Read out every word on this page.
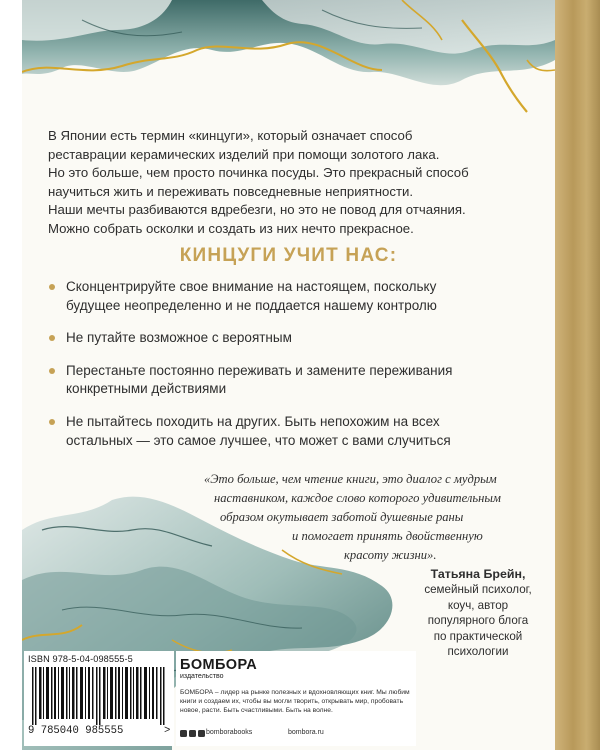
В Японии есть термин «кинцуги», который означает способ

реставрации керамических изделий при помощи золотого лака.

Но это больше, чем просто починка посуды. Это прекрасный способ

научиться жить и переживать повседневные неприятности.

Наши мечты разбиваются вдребезги, но это не повод для отчаяния.

Можно собрать осколки и создать из них нечто прекрасное.

КИНЦУГИ УЧИТ НАС:
Сконцентрируйте свое внимание на настоящем, поскольку
будущее неопределенно и не поддается нашему контролю
Не путайте возможное с вероятным
Перестаньте постоянно переживать и замените переживания
конкретными действиями
Не пытайтесь походить на других. Быть непохожим на всех
остальных — это самое лучшее, что может с вами случиться
«Это больше, чем чтение книги, это диалог с мудрым
наставником, каждое слово которого удивительным
образом окутывает заботой душевные раны
и помогает принять двойственную
красоту жизни».
Татьяна Брейн,
семейный психолог,
коуч, автор
популярного блога
по практической
психологии
ISBN 978-5-04-098555-5
9 785040 985555	>
БОМБОРА
издательство

БОМБОРА – лидер на рынке полезных и вдохновляющих книг. Мы любим книги и создаем их, чтобы вы могли творить, открывать мир, пробовать новое, расти. Быть счастливыми. Быть на волне.

bomborabooks	bombora.ru
